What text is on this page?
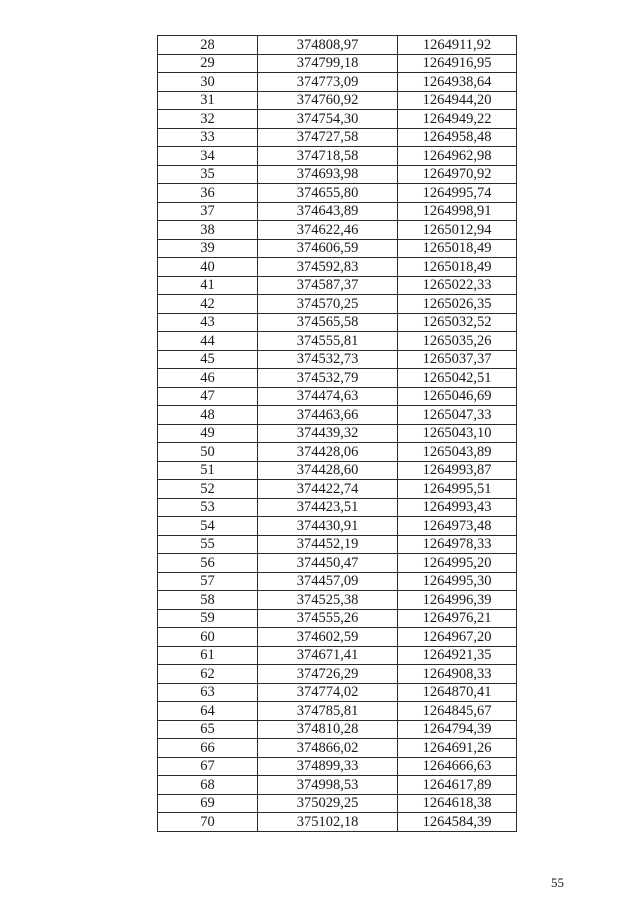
28	374808,97	1264911,92
29	374799,18	1264916,95
30	374773,09	1264938,64
31	374760,92	1264944,20
32	374754,30	1264949,22
33	374727,58	1264958,48
34	374718,58	1264962,98
35	374693,98	1264970,92
36	374655,80	1264995,74
37	374643,89	1264998,91
38	374622,46	1265012,94
39	374606,59	1265018,49
40	374592,83	1265018,49
41	374587,37	1265022,33
42	374570,25	1265026,35
43	374565,58	1265032,52
44	374555,81	1265035,26
45	374532,73	1265037,37
46	374532,79	1265042,51
47	374474,63	1265046,69
48	374463,66	1265047,33
49	374439,32	1265043,10
50	374428,06	1265043,89
51	374428,60	1264993,87
52	374422,74	1264995,51
53	374423,51	1264993,43
54	374430,91	1264973,48
55	374452,19	1264978,33
56	374450,47	1264995,20
57	374457,09	1264995,30
58	374525,38	1264996,39
59	374555,26	1264976,21
60	374602,59	1264967,20
61	374671,41	1264921,35
62	374726,29	1264908,33
63	374774,02	1264870,41
64	374785,81	1264845,67
65	374810,28	1264794,39
66	374866,02	1264691,26
67	374899,33	1264666,63
68	374998,53	1264617,89
69	375029,25	1264618,38
70	375102,18	1264584,39
55
